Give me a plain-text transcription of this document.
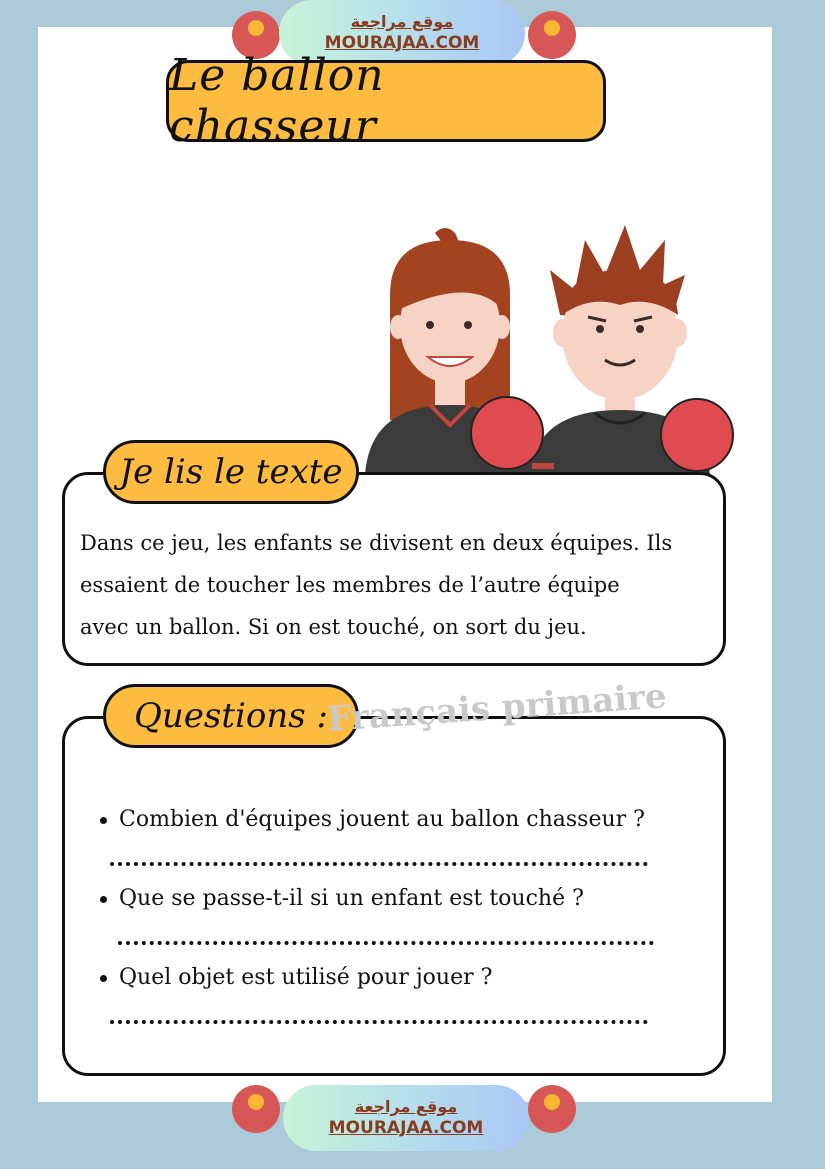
موقع مراجعة
MOURAJAA.COM
Le ballon chasseur
Je lis le texte
Dans ce jeu, les enfants se divisent en deux équipes. Ils
essaient de toucher les membres de l’autre équipe
avec un ballon. Si on est touché, on sort du jeu.
Questions :
Français primaire
Combien d'équipes jouent au ballon chasseur ?
Que se passe-t-il si un enfant est touché ?
Quel objet est utilisé pour jouer ?
موقع مراجعة
MOURAJAA.COM
